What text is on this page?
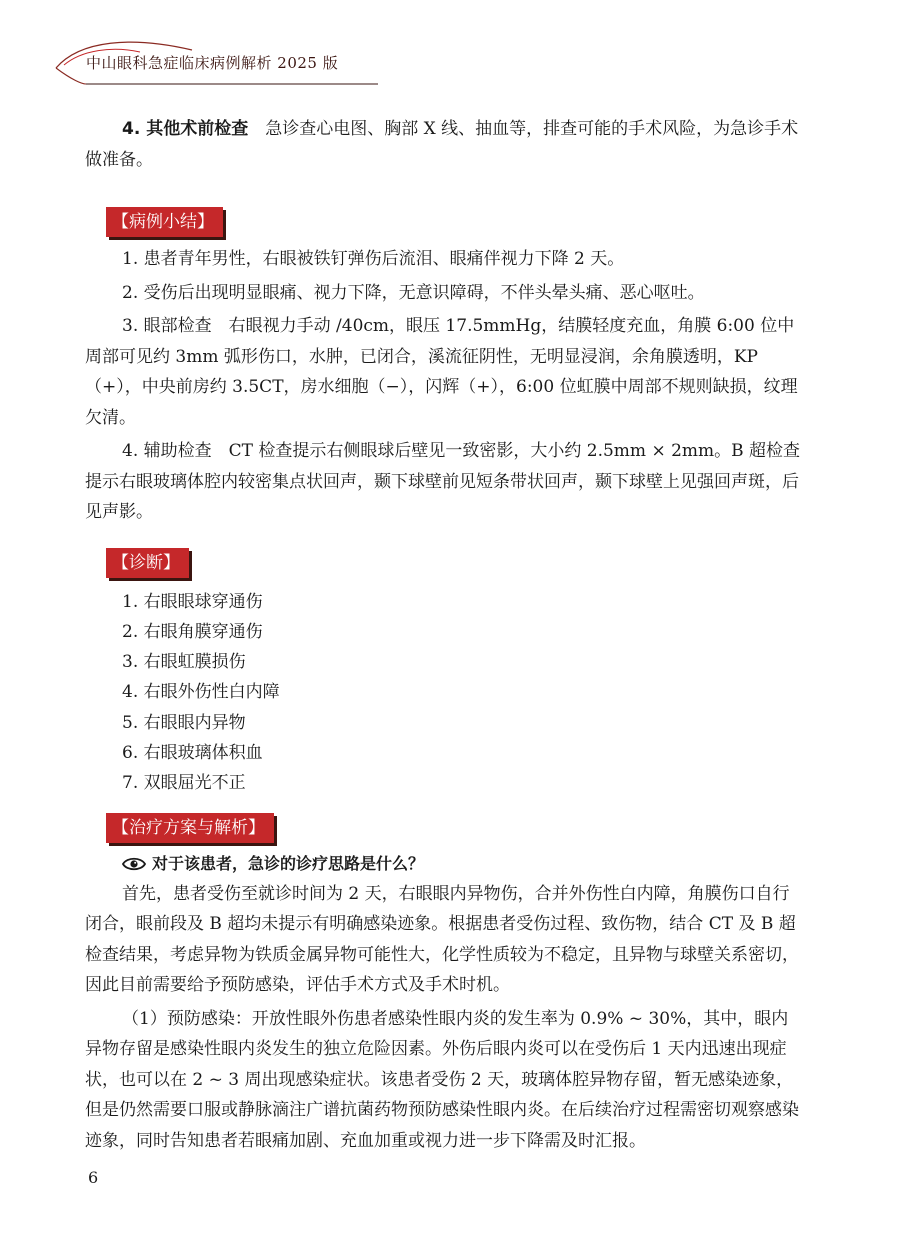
中山眼科急症临床病例解析 2025 版

4. 其他术前检查　急诊查心电图、胸部 X 线、抽血等，排查可能的手术风险，为急诊手术做准备。

【病例小结】

1. 患者青年男性，右眼被铁钉弹伤后流泪、眼痛伴视力下降 2 天。

2. 受伤后出现明显眼痛、视力下降，无意识障碍，不伴头晕头痛、恶心呕吐。

3. 眼部检查　右眼视力手动 /40cm，眼压 17.5mmHg，结膜轻度充血，角膜 6:00 位中周部可见约 3mm 弧形伤口，水肿，已闭合，溪流征阴性，无明显浸润，余角膜透明，KP（+），中央前房约 3.5CT，房水细胞（−），闪辉（+），6:00 位虹膜中周部不规则缺损，纹理欠清。

4. 辅助检查　CT 检查提示右侧眼球后壁见一致密影，大小约 2.5mm × 2mm。B 超检查提示右眼玻璃体腔内较密集点状回声，颞下球壁前见短条带状回声，颞下球壁上见强回声斑，后见声影。

【诊断】

1. 右眼眼球穿通伤

2. 右眼角膜穿通伤

3. 右眼虹膜损伤

4. 右眼外伤性白内障

5. 右眼眼内异物

6. 右眼玻璃体积血

7. 双眼屈光不正

【治疗方案与解析】
对于该患者，急诊的诊疗思路是什么？

首先，患者受伤至就诊时间为 2 天，右眼眼内异物伤，合并外伤性白内障，角膜伤口自行闭合，眼前段及 B 超均未提示有明确感染迹象。根据患者受伤过程、致伤物，结合 CT 及 B 超检查结果，考虑异物为铁质金属异物可能性大，化学性质较为不稳定，且异物与球壁关系密切，因此目前需要给予预防感染，评估手术方式及手术时机。

（1）预防感染：开放性眼外伤患者感染性眼内炎的发生率为 0.9% ~ 30%，其中，眼内异物存留是感染性眼内炎发生的独立危险因素。外伤后眼内炎可以在受伤后 1 天内迅速出现症状，也可以在 2 ~ 3 周出现感染症状。该患者受伤 2 天，玻璃体腔异物存留，暂无感染迹象，但是仍然需要口服或静脉滴注广谱抗菌药物预防感染性眼内炎。在后续治疗过程需密切观察感染迹象，同时告知患者若眼痛加剧、充血加重或视力进一步下降需及时汇报。

6
